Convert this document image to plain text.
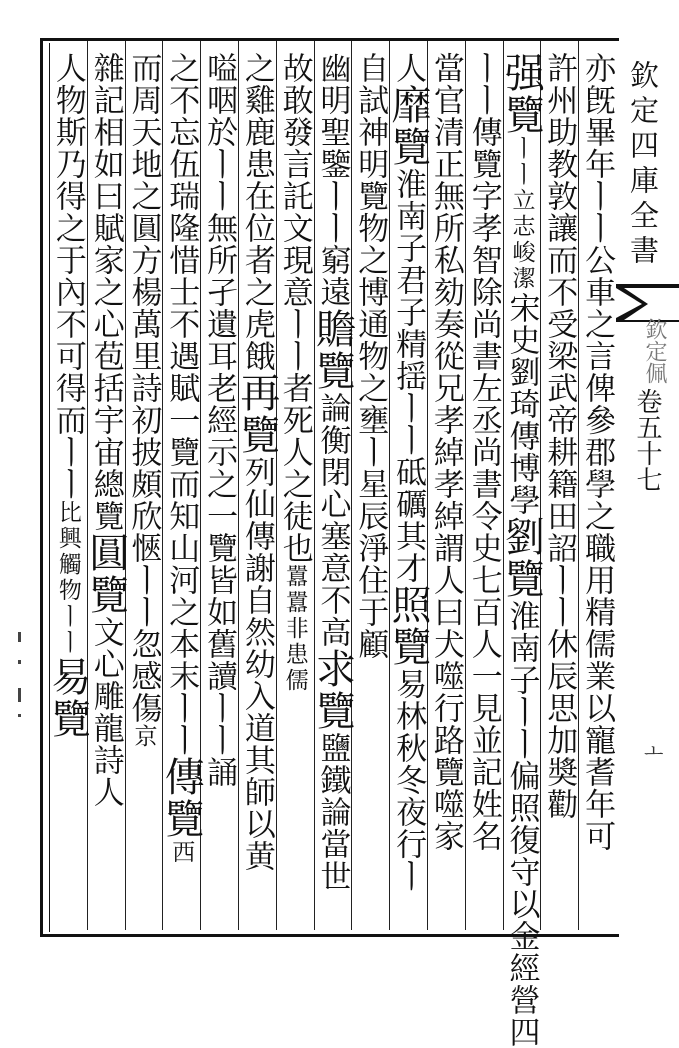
亦旣畢年ㅣㅣ公車之言俾參郡學之職用精儒業以寵耆年可
許州助教敦讓而不受梁武帝耕籍田詔ㅣㅣ休辰思加奬勸
强覽ㅣㅣ立志峻潔宋史劉琦傳博學劉覽淮南子ㅣㅣ偏照復守以金經營四
ㅣㅣ傳覽字孝智除尚書左丞尚書令史七百人一見並記姓名
當官清正無所私劾奏從兄孝綽孝綽謂人曰犬噬行路覽噬家
人靡覽淮南子君子精揺ㅣㅣ砥礪其才照覽易林秋冬夜行ㅣ
自試神明覽物之博通物之壅ㅣ星辰淨住于顧
幽明聖鑒ㅣㅣ窮遠贍覽論衡閉心塞意不高求覽鹽鐵論當世
故敢發言託文現意ㅣㅣ者死人之徒也囂囂非患儒
之雞鹿患在位者之虎餓再覽列仙傳謝自然幼入道其師以黄
嗌咽於ㅣㅣ無所孑遺耳老經示之一覽皆如舊讀ㅣㅣ誦
之不忘伍瑞隆惜士不遇賦一覽而知山河之本末ㅣㅣ傳覽西
而周天地之圓方楊萬里詩初披頗欣愜ㅣㅣ忽感傷京
雜記相如曰賦家之心苞括宇宙總覽圓覽文心雕龍詩人
人物斯乃得之于內不可得而ㅣㅣ比興觸物ㅣㅣ易覽
欽定四庫全書
欽定佩
卷五十七
ㅗ
